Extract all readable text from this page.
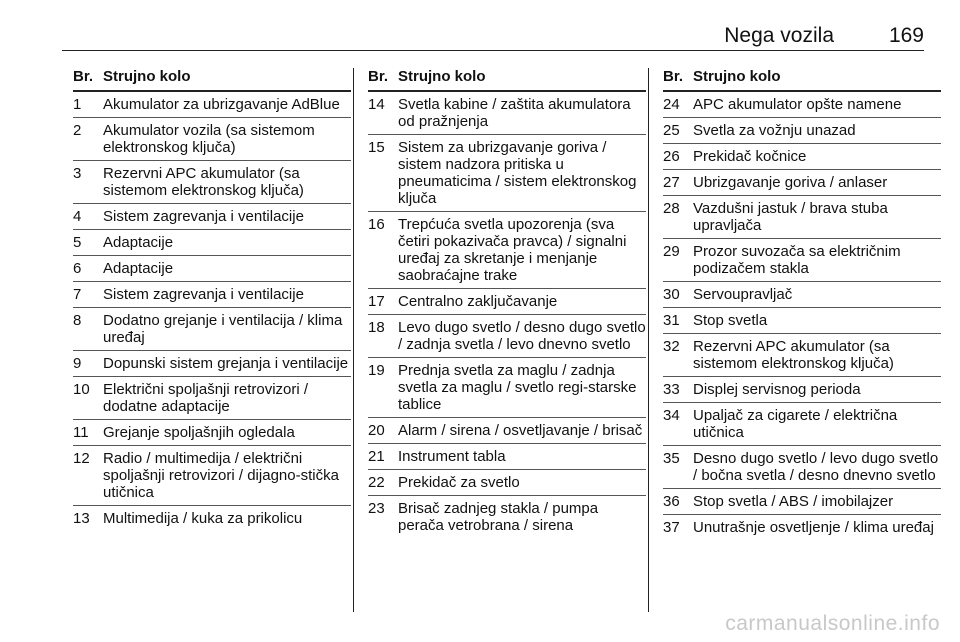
Nega vozila	169
Br. Strujno kolo
1	Akumulator za ubrizgavanje AdBlue
2	Akumulator vozila (sa sistemom elektronskog ključa)
3	Rezervni APC akumulator (sa sistemom elektronskog ključa)
4	Sistem zagrevanja i ventilacije
5	Adaptacije
6	Adaptacije
7	Sistem zagrevanja i ventilacije
8	Dodatno grejanje i ventilacija / klima uređaj
9	Dopunski sistem grejanja i ventilacije
10 Električni spoljašnji retrovizori / dodatne adaptacije
11 Grejanje spoljašnjih ogledala
12 Radio / multimedija / električni spoljašnji retrovizori / dijagno-stička utičnica
13 Multimedija / kuka za prikolicu
Br. Strujno kolo
14 Svetla kabine / zaštita akumulatora od pražnjenja
15 Sistem za ubrizgavanje goriva / sistem nadzora pritiska u pneumaticima / sistem elektronskog ključa
16 Trepćuća svetla upozorenja (sva četiri pokazivača pravca) / signalni uređaj za skretanje i menjanje saobraćajne trake
17 Centralno zaključavanje
18 Levo dugo svetlo / desno dugo svetlo / zadnja svetla / levo dnevno svetlo
19 Prednja svetla za maglu / zadnja svetla za maglu / svetlo regi-starske tablice
20 Alarm / sirena / osvetljavanje / brisač
21 Instrument tabla
22 Prekidač za svetlo
23 Brisač zadnjeg stakla / pumpa perača vetrobrana / sirena
Br. Strujno kolo
24 APC akumulator opšte namene
25 Svetla za vožnju unazad
26 Prekidač kočnice
27 Ubrizgavanje goriva / anlaser
28 Vazdušni jastuk / brava stuba upravljača
29 Prozor suvozača sa električnim podizačem stakla
30 Servoupravljač
31 Stop svetla
32 Rezervni APC akumulator (sa sistemom elektronskog ključa)
33 Displej servisnog perioda
34 Upaljač za cigarete / električna utičnica
35 Desno dugo svetlo / levo dugo svetlo / bočna svetla / desno dnevno svetlo
36 Stop svetla / ABS / imobilajzer
37 Unutrašnje osvetljenje / klima uređaj
carmanualsonline.info
